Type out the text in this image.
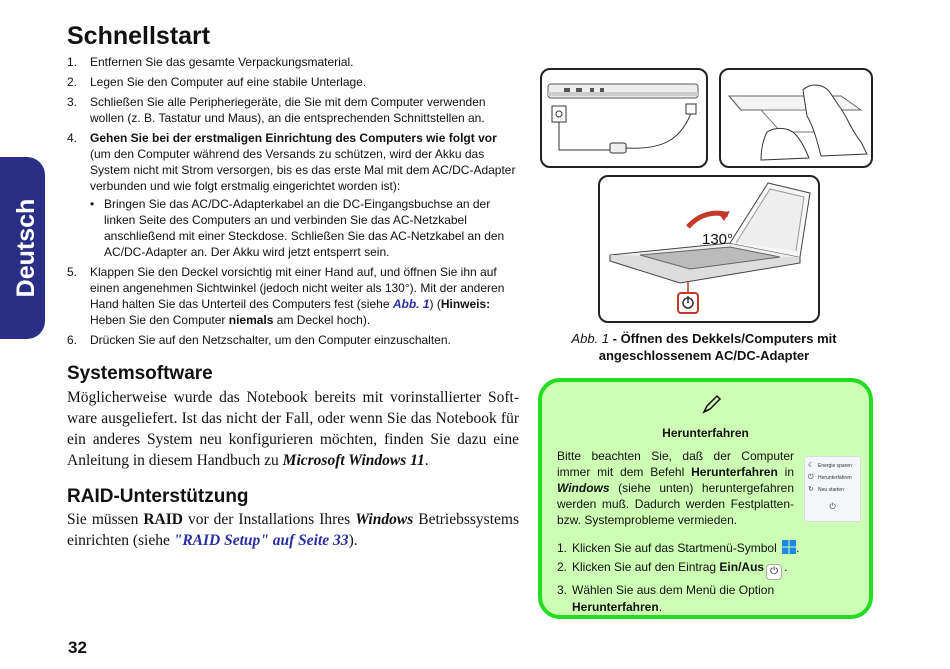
Deutsch
Schnellstart
1. Entfernen Sie das gesamte Verpackungsmaterial.
2. Legen Sie den Computer auf eine stabile Unterlage.
3. Schließen Sie alle Peripheriegeräte, die Sie mit dem Computer verwenden wollen (z. B. Tastatur und Maus), an die entsprechenden Schnittstellen an.
4. Gehen Sie bei der erstmaligen Einrichtung des Computers wie folgt vor (um den Computer während des Versands zu schützen, wird der Akku das System nicht mit Strom versorgen, bis es das erste Mal mit dem AC/DC-Adapter verbunden und wie folgt erstmalig eingerichtet worden ist):
• Bringen Sie das AC/DC-Adapterkabel an die DC-Eingangsbuchse an der linken Seite des Computers an und verbinden Sie das AC-Netzkabel anschließend mit einer Steckdose. Schließen Sie das AC-Netzkabel an den AC/DC-Adapter an. Der Akku wird jetzt entsperrt sein.
5. Klappen Sie den Deckel vorsichtig mit einer Hand auf, und öffnen Sie ihn auf einen angenehmen Sichtwinkel (jedoch nicht weiter als 130°). Mit der anderen Hand halten Sie das Unterteil des Computers fest (siehe Abb. 1) (Hinweis: Heben Sie den Computer niemals am Deckel hoch).
6. Drücken Sie auf den Netzschalter, um den Computer einzuschalten.
Systemsoftware
Möglicherweise wurde das Notebook bereits mit vorinstallierter Software ausgeliefert. Ist das nicht der Fall, oder wenn Sie das Notebook für ein anderes System neu konfigurieren möchten, finden Sie dazu eine Anleitung in diesem Handbuch zu Microsoft Windows 11.
RAID-Unterstützung
Sie müssen RAID vor der Installations Ihres Windows Betriebssystems einrichten (siehe "RAID Setup" auf Seite 33).
130°
Abb. 1 - Öffnen des Dekkels/Computers mit angeschlossenem AC/DC-Adapter
Herunterfahren
Bitte beachten Sie, daß der Computer immer mit dem Befehl Herunterfahren in Windows (siehe unten) heruntergefahren werden muß. Dadurch werden Festplatten- bzw. Systemprobleme vermieden.
☾ Energie sparen
⏻ Herunterfahren
↻ Neu starten
⏻
1. Klicken Sie auf das Startmenü-Symbol .
2. Klicken Sie auf den Eintrag Ein/Aus ⏻ .
3. Wählen Sie aus dem Menü die Option Herunterfahren.
32
